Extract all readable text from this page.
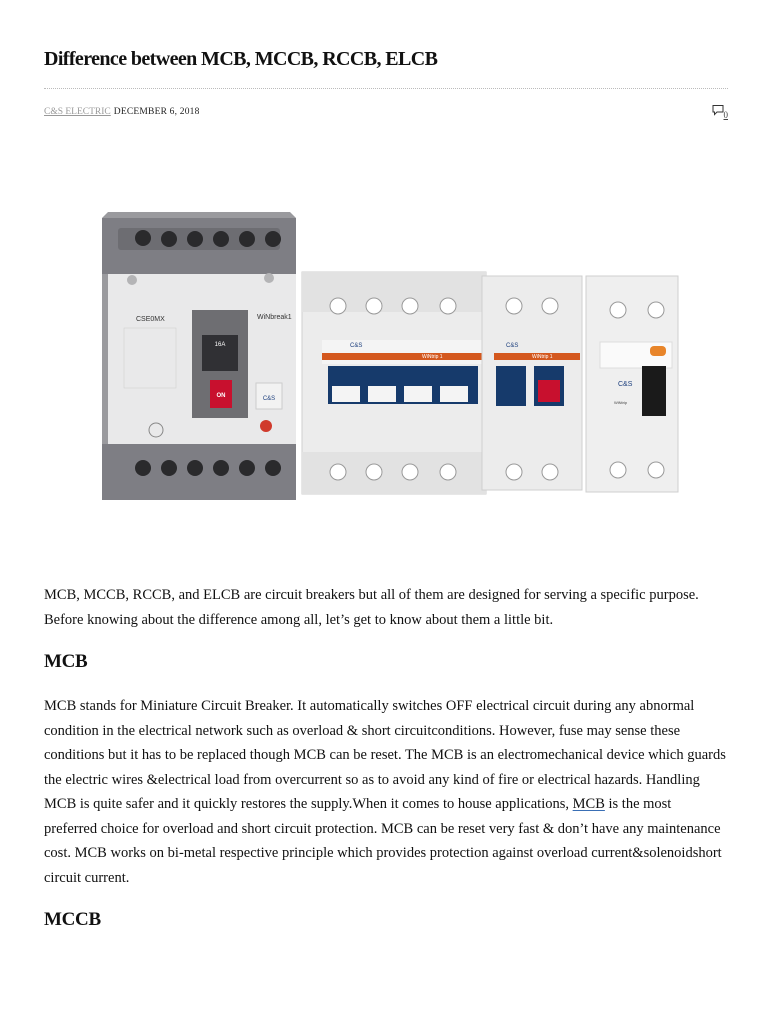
Difference between MCB, MCCB, RCCB, ELCB
C&S ELECTRIC DECEMBER 6, 2018	0
CSE0MX	WiNbreak1
16A
ON	C&S
C&S
WiNtrip 1
C&S
WiNtrip 1
C&S
WiNtrip

MCB, MCCB, RCCB, and ELCB are circuit breakers but all of them are designed for serving a specific purpose. Before knowing about the difference among all, let’s get to know about them a little bit.

MCB

MCB stands for Miniature Circuit Breaker. It automatically switches OFF electrical circuit during any abnormal condition in the electrical network such as overload & short circuitconditions. However, fuse may sense these conditions but it has to be replaced though MCB can be reset. The MCB is an electromechanical device which guards the electric wires &electrical load from overcurrent so as to avoid any kind of fire or electrical hazards. Handling MCB is quite safer and it quickly restores the supply.When it comes to house applications, MCB is the most preferred choice for overload and short circuit protection. MCB can be reset very fast & don’t have any maintenance cost. MCB works on bi-metal respective principle which provides protection against overload current&solenoidshort circuit current.

MCCB
